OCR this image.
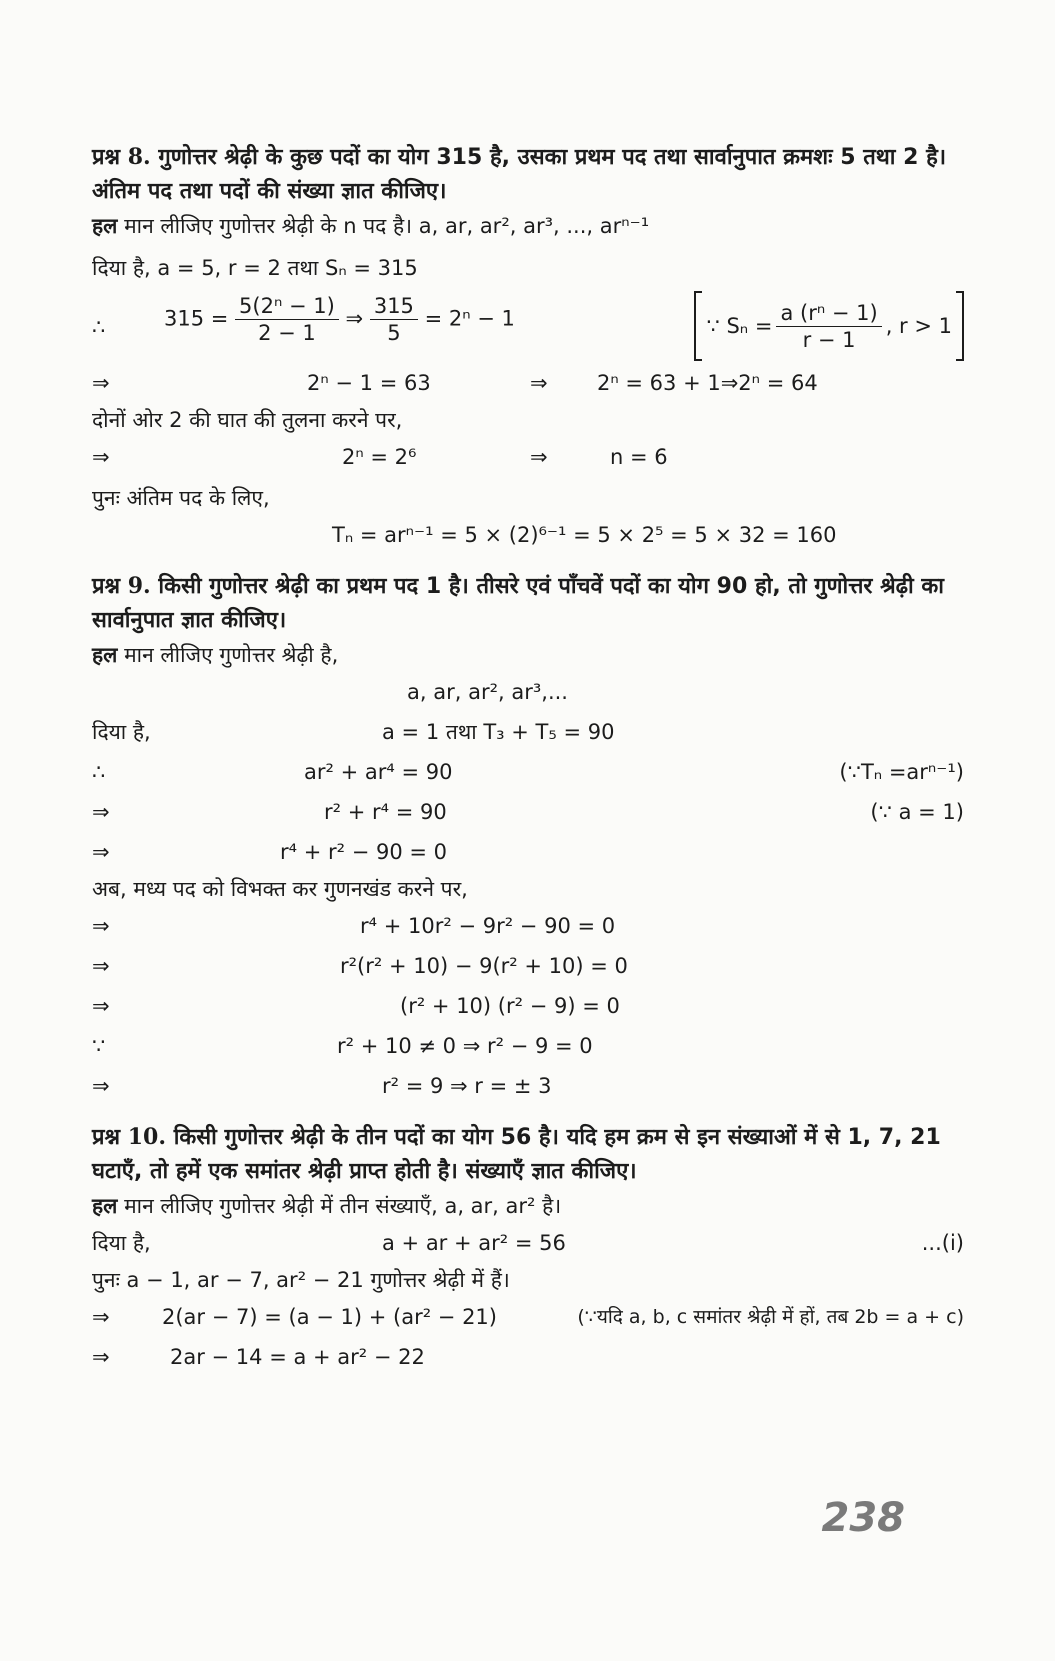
प्रश्न 8. गुणोत्तर श्रेढ़ी के कुछ पदों का योग 315 है, उसका प्रथम पद तथा सार्वानुपात क्रमशः 5 तथा 2 है। अंतिम पद तथा पदों की संख्या ज्ञात कीजिए।
हल मान लीजिए गुणोत्तर श्रेढ़ी के n पद है। a, ar, ar², ar³, ..., arⁿ⁻¹
दिया है, a = 5, r = 2 तथा Sₙ = 315
∴	$315 = \frac{\text{5(2ⁿ − 1)}}{2 - 1}$ ⇒ $\frac{315}{5} = 2^n - 1$	∵ $S_n = \frac{\text{a (rⁿ − 1)}}{r - 1}$ , r > 1
⇒	2ⁿ − 1 = 63	⇒ 2ⁿ = 63 + 1⇒2ⁿ = 64
दोनों ओर 2 की घात की तुलना करने पर,
⇒	2ⁿ = 2⁶	⇒	n = 6
पुनः अंतिम पद के लिए,
Tₙ = arⁿ⁻¹ = 5 × (2)⁶⁻¹ = 5 × 2⁵ = 5 × 32 = 160
प्रश्न 9. किसी गुणोत्तर श्रेढ़ी का प्रथम पद 1 है। तीसरे एवं पाँचवें पदों का योग 90 हो, तो गुणोत्तर श्रेढ़ी का सार्वानुपात ज्ञात कीजिए।
हल मान लीजिए गुणोत्तर श्रेढ़ी है,
a, ar, ar², ar³,...
दिया है,	a = 1 तथा T₃ + T₅ = 90
∴	ar² + ar⁴ = 90	(∵Tₙ =arⁿ⁻¹)
⇒	r² + r⁴ = 90	(∵ a = 1)
⇒	r⁴ + r² − 90 = 0
अब, मध्य पद को विभक्त कर गुणनखंड करने पर,
⇒	r⁴ + 10r² − 9r² − 90 = 0
⇒	r²(r² + 10) − 9(r² + 10) = 0
⇒	(r² + 10) (r² − 9) = 0
∵	r² + 10 ≠ 0 ⇒ r² − 9 = 0
⇒	r² = 9 ⇒ r = ± 3
प्रश्न 10. किसी गुणोत्तर श्रेढ़ी के तीन पदों का योग 56 है। यदि हम क्रम से इन संख्याओं में से 1, 7, 21 घटाएँ, तो हमें एक समांतर श्रेढ़ी प्राप्त होती है। संख्याएँ ज्ञात कीजिए।
हल मान लीजिए गुणोत्तर श्रेढ़ी में तीन संख्याएँ, a, ar, ar² है।
दिया है,	a + ar + ar² = 56	...(i)
पुनः a − 1, ar − 7, ar² − 21 गुणोत्तर श्रेढ़ी में हैं।
⇒ 2(ar − 7) = (a − 1) + (ar² − 21)	(∵यदि a, b, c समांतर श्रेढ़ी में हों, तब 2b = a + c)
⇒	2ar − 14 = a + ar² − 22
238
